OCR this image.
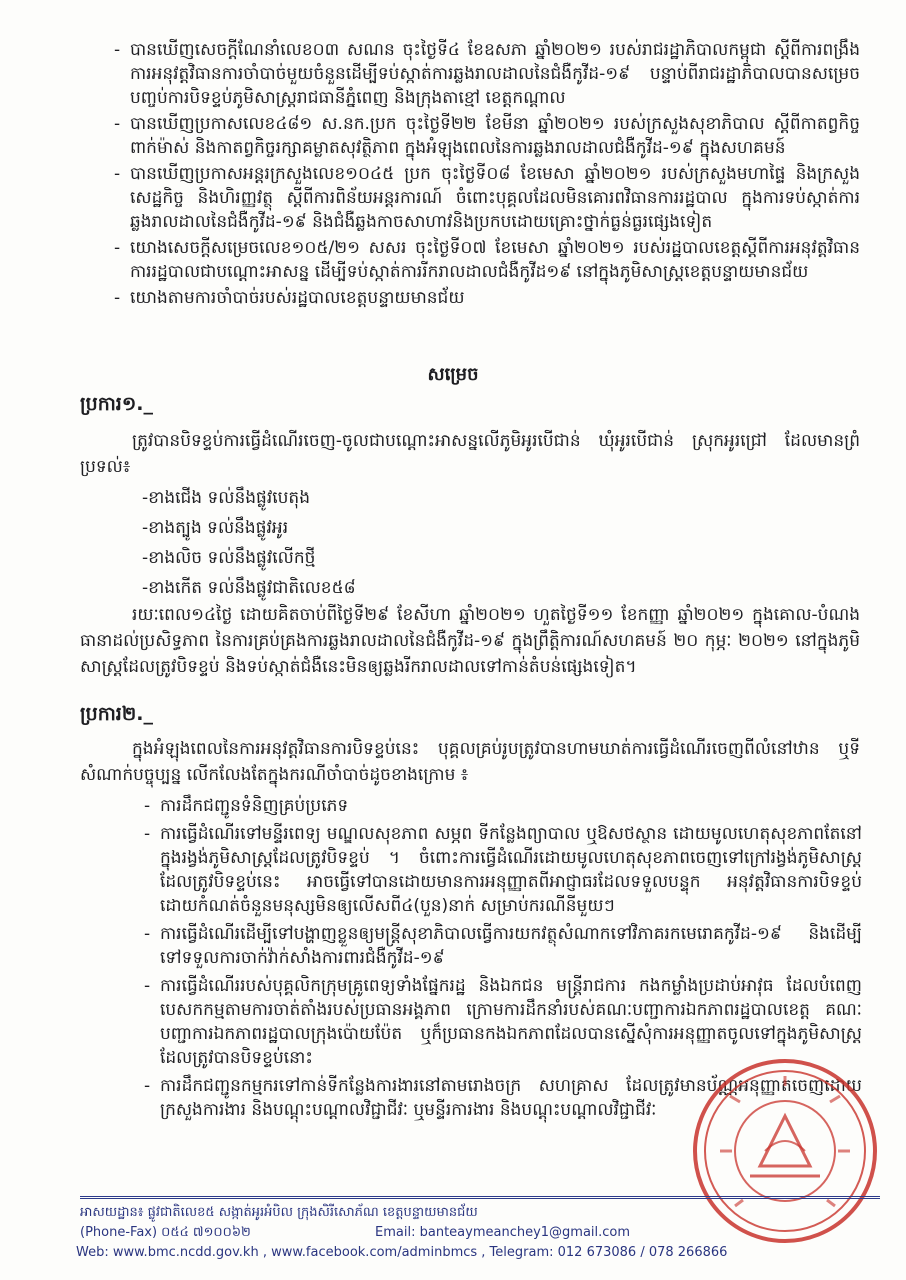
- បានឃើញសេចក្តីណែនាំលេខ០៣ សណន ចុះថ្ងៃទី៤ ខែឧសភា ឆ្នាំ២០២១ របស់រាជរដ្ឋាភិបាលកម្ពុជា ស្តីពីការពង្រឹងការអនុវត្តវិធានការចាំបាច់មួយចំនួនដើម្បីទប់ស្កាត់ការឆ្លងរាលដាលនៃជំងឺកូវីដ-១៩ បន្ទាប់ពីរាជរដ្ឋាភិបាលបានសម្រេចបញ្ចប់ការបិទខ្ទប់ភូមិសាស្រ្តរាជធានីភ្នំពេញ និងក្រុងតាខ្មៅ ខេត្តកណ្តាល
- បានឃើញប្រកាសលេខ៤៨១ ស.នក.ប្រក ចុះថ្ងៃទី២២ ខែមីនា ឆ្នាំ២០២១ របស់ក្រសួងសុខាភិបាល ស្តីពីកាតព្វកិច្ចពាក់ម៉ាស់ និងកាតព្វកិច្ចរក្សាគម្លាតសុវត្ថិភាព ក្នុងអំឡុងពេលនៃការឆ្លងរាលដាលជំងឺកូវីដ-១៩ ក្នុងសហគមន៍
- បានឃើញប្រកាសអន្តរក្រសួងលេខ១០៤៥ ប្រក ចុះថ្ងៃទី០៨ ខែមេសា ឆ្នាំ២០២១ របស់ក្រសួងមហាផ្ទៃ និងក្រសួងសេដ្ឋកិច្ច និងហិរញ្ញវត្ថុ ស្តីពីការពិន័យអន្តរការណ៍ ចំពោះបុគ្គលដែលមិនគោរពវិធានការរដ្ឋបាល ក្នុងការទប់ស្កាត់ការឆ្លងរាលដាលនៃជំងឺកូវីដ-១៩ និងជំងឺឆ្លងកាចសាហាវនិងប្រកបដោយគ្រោះថ្នាក់ធ្ងន់ធ្ងរផ្សេងទៀត
- យោងសេចក្តីសម្រេចលេខ១០៥/២១ សសរ ចុះថ្ងៃទី០៧ ខែមេសា ឆ្នាំ២០២១ របស់រដ្ឋបាលខេត្តស្តីពីការអនុវត្តវិធានការរដ្ឋបាលជាបណ្តោះអាសន្ន ដើម្បីទប់ស្កាត់ការរីករាលដាលជំងឺកូវីដ១៩ នៅក្នុងភូមិសាស្រ្តខេត្តបន្ទាយមានជ័យ
- យោងតាមការចាំបាច់របស់រដ្ឋបាលខេត្តបន្ទាយមានជ័យ
សម្រេច
ប្រការ១._
ត្រូវបានបិទខ្ទប់ការធ្វើដំណើរចេញ-ចូលជាបណ្តោះអាសន្នលើភូមិអូរបើជាន់ ឃុំអូរបើជាន់ ស្រុកអូរជ្រៅ ដែលមានព្រំប្រទល់៖
-ខាងជើង ទល់នឹងផ្លូវបេតុង
-ខាងត្បូង ទល់នឹងផ្លូវអូរ
-ខាងលិច ទល់នឹងផ្លូវលើកថ្មី
-ខាងកើត ទល់នឹងផ្លូវជាតិលេខ៥៨
រយៈពេល១៤ថ្ងៃ ដោយគិតចាប់ពីថ្ងៃទី២៩ ខែសីហា ឆ្នាំ២០២១ ហួតថ្ងៃទី១១ ខែកញ្ញា ឆ្នាំ២០២១ ក្នុងគោល-បំណងធានាដល់ប្រសិទ្ធភាព នៃការគ្រប់គ្រងការឆ្លងរាលដាលនៃជំងឺកូវីដ-១៩ ក្នុងព្រឹត្តិការណ៍សហគមន៍ ២០ កុម្ភៈ ២០២១ នៅក្នុងភូមិសាស្រ្តដែលត្រូវបិទខ្ទប់ និងទប់ស្កាត់ជំងឺនេះមិនឲ្យឆ្លងរីករាលដាលទៅកាន់តំបន់ផ្សេងទៀត។
ប្រការ២._
ក្នុងអំឡុងពេលនៃការអនុវត្តវិធានការបិទខ្ទប់នេះ បុគ្គលគ្រប់រូបត្រូវបានហាមឃាត់ការធ្វើដំណើរចេញពីលំនៅឋាន ឬទីសំណាក់បច្ចុប្បន្ន លើកលែងតែក្នុងករណីចាំបាច់ដូចខាងក្រោម ៖
- ការដឹកជញ្ជូនទំនិញគ្រប់ប្រភេទ
- ការធ្វើដំណើរទៅមន្ទីរពេទ្យ មណ្ឌលសុខភាព សម្ភព ទីកន្លែងព្យាបាល ឬឱសថស្ថាន ដោយមូលហេតុសុខភាពតែនៅក្នុងរង្វង់ភូមិសាស្រ្តដែលត្រូវបិទខ្ទប់ ។ ចំពោះការធ្វើដំណើរដោយមូលហេតុសុខភាពចេញទៅក្រៅរង្វង់ភូមិសាស្រ្តដែលត្រូវបិទខ្ទប់នេះ អាចធ្វើទៅបានដោយមានការអនុញ្ញាតពីអាជ្ញាធរដែលទទួលបន្ទុក អនុវត្តវិធានការបិទខ្ទប់ ដោយកំណត់ចំនួនមនុស្សមិនឲ្យលើសពី៤(បួន)នាក់ សម្រាប់ករណីនីមួយៗ
- ការធ្វើដំណើរដើម្បីទៅបង្ហាញខ្លួនឲ្យមន្រ្តីសុខាភិបាលធ្វើការយកវត្ថុសំណាកទៅវិភាគរកមេរោគកូវីដ-១៩ និងដើម្បីទៅទទួលការចាក់វ៉ាក់សាំងការពារជំងឺកូវីដ-១៩
- ការធ្វើដំណើររបស់បុគ្គលិកក្រុមគ្រូពេទ្យទាំងផ្នែករដ្ឋ និងឯកជន មន្រ្តីរាជការ កងកម្លាំងប្រដាប់អាវុធ ដែលបំពេញបេសកកម្មតាមការចាត់តាំងរបស់ប្រធានអង្គភាព ក្រោមការដឹកនាំរបស់គណៈបញ្ជាការឯកភាពរដ្ឋបាលខេត្ត គណៈបញ្ជាការឯកភាពរដ្ឋបាលក្រុងប៉ោយប៉ែត ឬក៏ប្រធានកងឯកភាពដែលបានស្នើសុំការអនុញ្ញាតចូលទៅក្នុងភូមិសាស្រ្តដែលត្រូវបានបិទខ្ទប់នោះ
- ការដឹកជញ្ជូនកម្មករទៅកាន់ទីកន្លែងការងារនៅតាមរោងចក្រ សហគ្រាស ដែលត្រូវមានប័ណ្ណអនុញ្ញាតចេញដោយក្រសួងការងារ និងបណ្តុះបណ្តាលវិជ្ជាជីវៈ ឬមន្ទីរការងារ និងបណ្តុះបណ្តាលវិជ្ជាជីវៈ
អាសយដ្ឋាន៖ ផ្លូវជាតិលេខ៥ សង្កាត់អូរអំបិល ក្រុងសិរីសោភ័ណ ខេត្តបន្ទាយមានជ័យ
(Phone-Fax) ០៥៤ ៧១០០៦២	Email: banteaymeanchey1@gmail.com
Web: www.bmc.ncdd.gov.kh , www.facebook.com/adminbmcs , Telegram: 012 673086 / 078 266866
